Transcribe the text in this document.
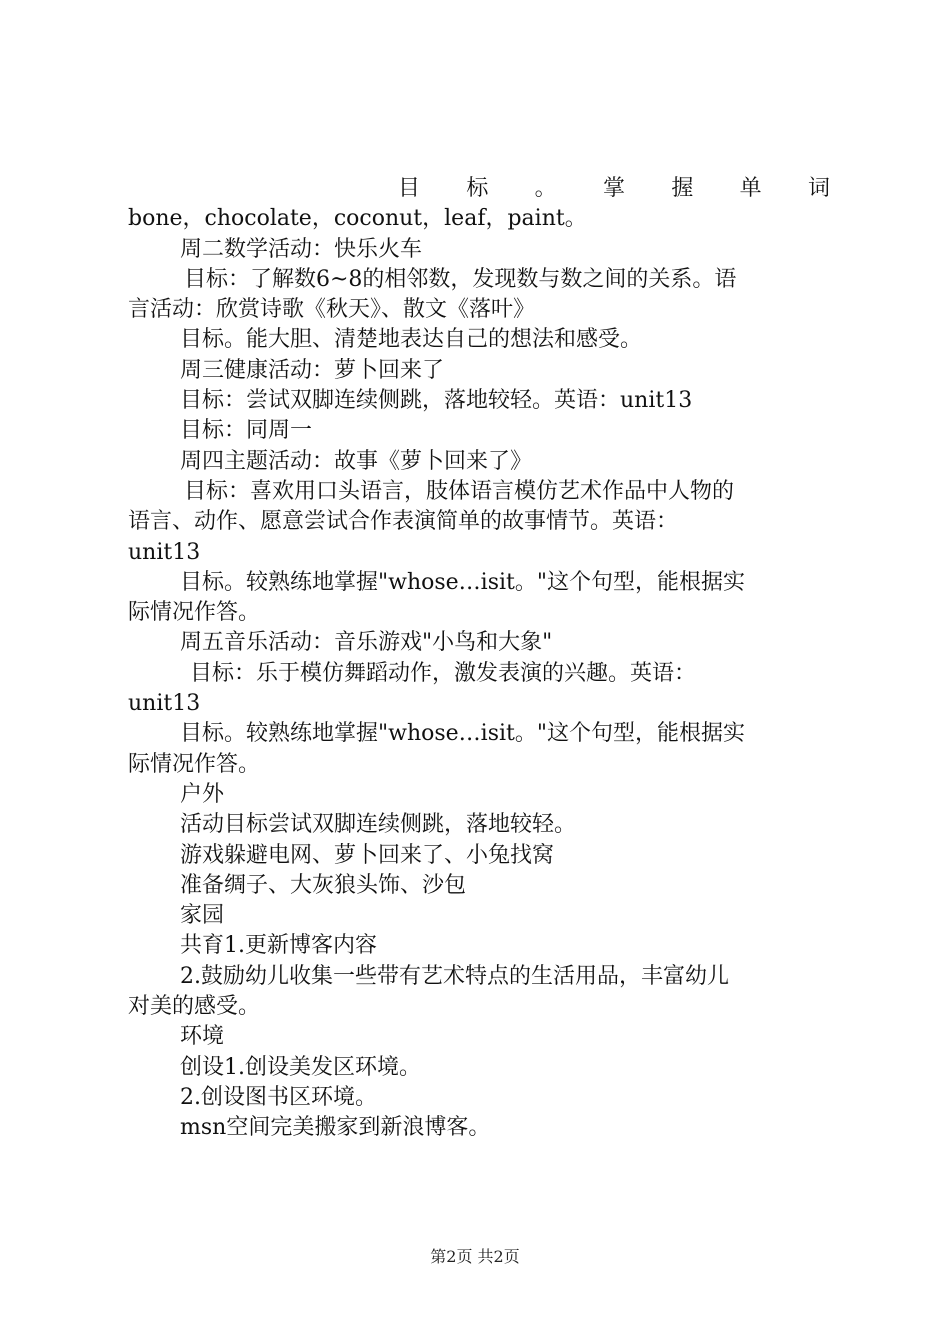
目 标 。 掌 握 单 词
bone，chocolate，coconut，leaf，paint。
周二数学活动：快乐火车
目标：了解数6~8的相邻数，发现数与数之间的关系。语
言活动：欣赏诗歌《秋天》、散文《落叶》
目标。能大胆、清楚地表达自己的想法和感受。
周三健康活动：萝卜回来了
目标：尝试双脚连续侧跳，落地较轻。英语：unit13
目标：同周一
周四主题活动：故事《萝卜回来了》
目标：喜欢用口头语言，肢体语言模仿艺术作品中人物的
语言、动作、愿意尝试合作表演简单的故事情节。英语：
unit13
目标。较熟练地掌握"whose…isit。"这个句型，能根据实
际情况作答。
周五音乐活动：音乐游戏"小鸟和大象"
目标：乐于模仿舞蹈动作，激发表演的兴趣。英语：
unit13
目标。较熟练地掌握"whose…isit。"这个句型，能根据实
际情况作答。
户外
活动目标尝试双脚连续侧跳，落地较轻。
游戏躲避电网、萝卜回来了、小兔找窝
准备绸子、大灰狼头饰、沙包
家园
共育1.更新博客内容
2.鼓励幼儿收集一些带有艺术特点的生活用品，丰富幼儿
对美的感受。
环境
创设1.创设美发区环境。
2.创设图书区环境。
msn空间完美搬家到新浪博客。
第2页 共2页
